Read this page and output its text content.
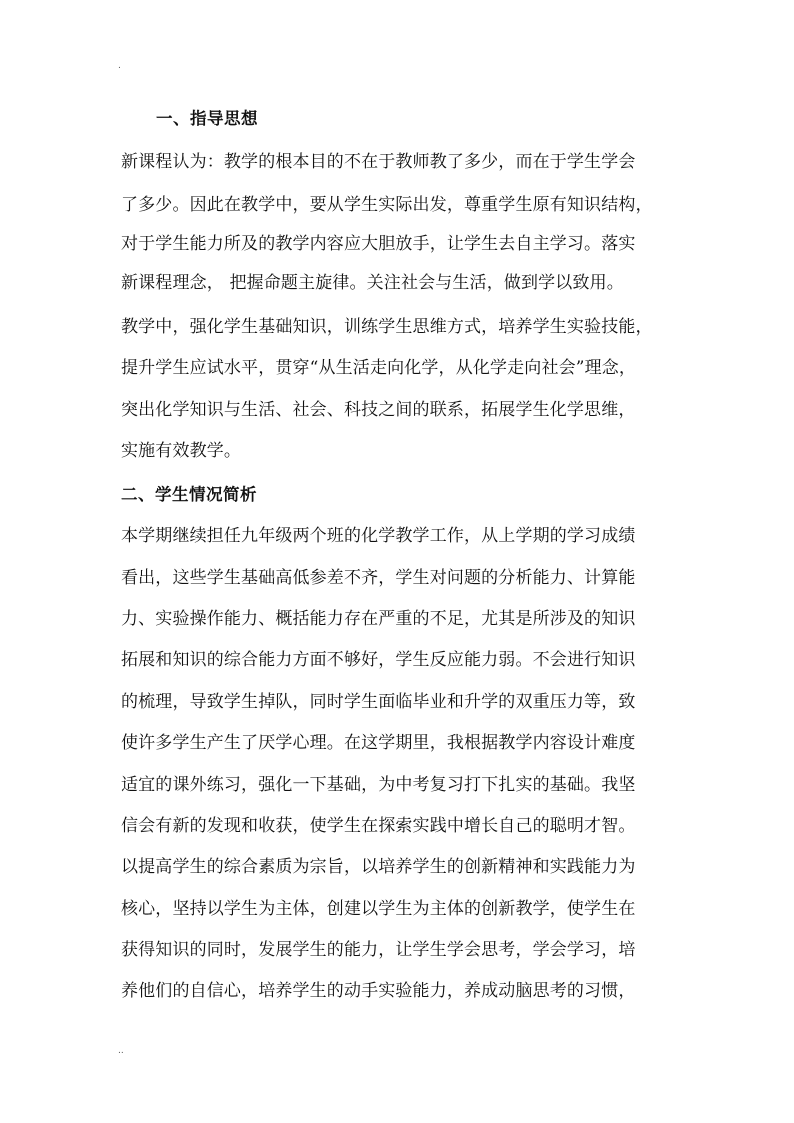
.
一、指导思想
新课程认为：教学的根本目的不在于教师教了多少，而在于学生学会
了多少。因此在教学中，要从学生实际出发，尊重学生原有知识结构，
对于学生能力所及的教学内容应大胆放手，让学生去自主学习。落实
新课程理念， 把握命题主旋律。关注社会与生活，做到学以致用。
教学中，强化学生基础知识，训练学生思维方式，培养学生实验技能，
提升学生应试水平，贯穿“从生活走向化学，从化学走向社会”理念，
突出化学知识与生活、社会、科技之间的联系，拓展学生化学思维，
实施有效教学。
二、学生情况简析
本学期继续担任九年级两个班的化学教学工作，从上学期的学习成绩
看出，这些学生基础高低参差不齐，学生对问题的分析能力、计算能
力、实验操作能力、概括能力存在严重的不足，尤其是所涉及的知识
拓展和知识的综合能力方面不够好，学生反应能力弱。不会进行知识
的梳理，导致学生掉队，同时学生面临毕业和升学的双重压力等，致
使许多学生产生了厌学心理。在这学期里，我根据教学内容设计难度
适宜的课外练习，强化一下基础，为中考复习打下扎实的基础。我坚
信会有新的发现和收获，使学生在探索实践中增长自己的聪明才智。
以提高学生的综合素质为宗旨，以培养学生的创新精神和实践能力为
核心，坚持以学生为主体，创建以学生为主体的创新教学，使学生在
获得知识的同时，发展学生的能力，让学生学会思考，学会学习，培
养他们的自信心，培养学生的动手实验能力，养成动脑思考的习惯，
..
